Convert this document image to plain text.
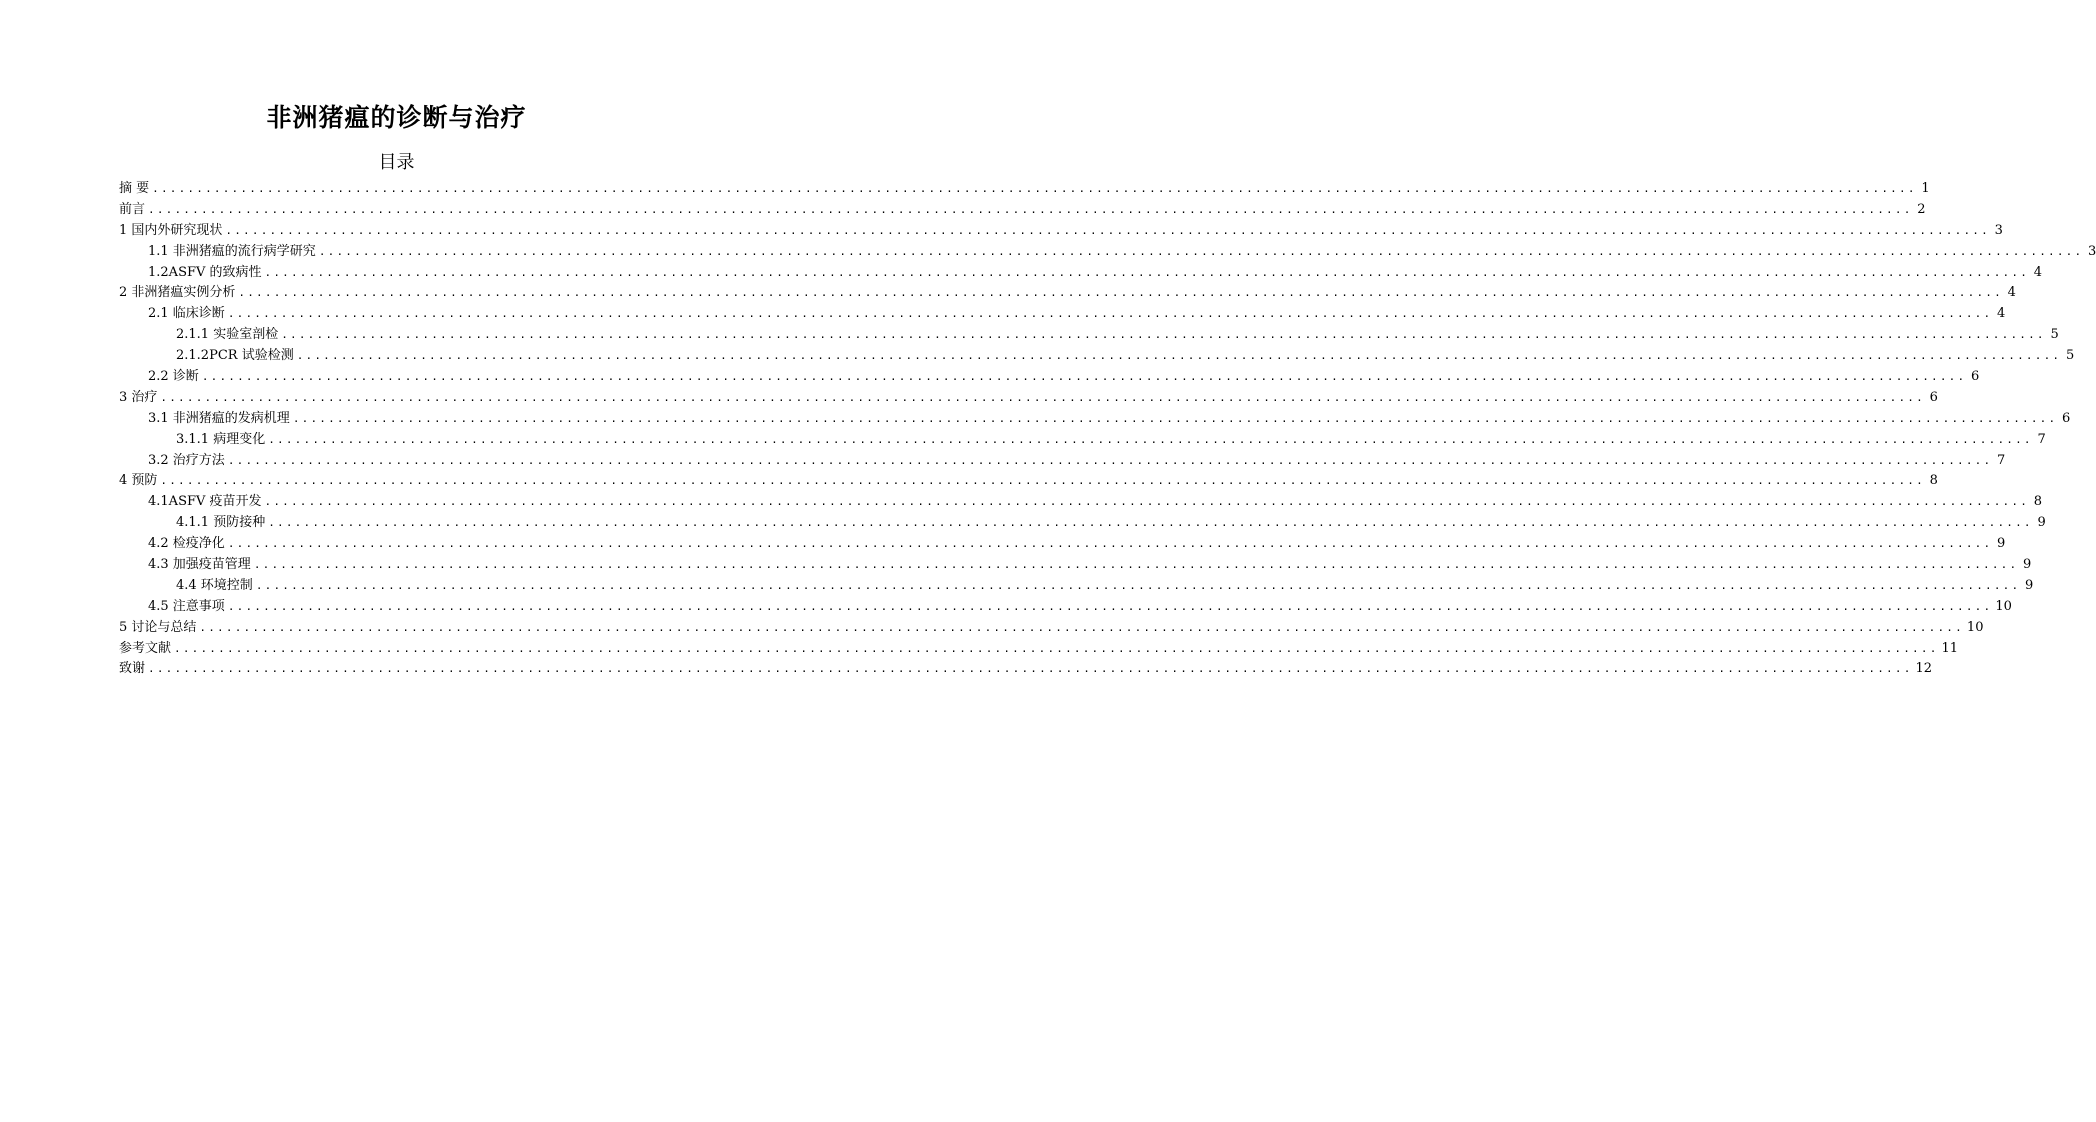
非洲猪瘟的诊断与治疗
目录
摘 要 ........................................................................................................................................................................................................ 1
前言 ........................................................................................................................................................................................................ 2
1 国内外研究现状 ........................................................................................................................................................................................................ 3
1.1 非洲猪瘟的流行病学研究 ........................................................................................................................................................................................................ 3
1.2ASFV 的致病性 ........................................................................................................................................................................................................ 4
2 非洲猪瘟实例分析 ........................................................................................................................................................................................................ 4
2.1 临床诊断 ........................................................................................................................................................................................................ 4
2.1.1 实验室剖检 ........................................................................................................................................................................................................ 5
2.1.2PCR 试验检测 ........................................................................................................................................................................................................ 5
2.2 诊断 ........................................................................................................................................................................................................ 6
3 治疗 ........................................................................................................................................................................................................ 6
3.1 非洲猪瘟的发病机理 ........................................................................................................................................................................................................ 6
3.1.1 病理变化 ........................................................................................................................................................................................................ 7
3.2 治疗方法 ........................................................................................................................................................................................................ 7
4 预防 ........................................................................................................................................................................................................ 8
4.1ASFV 疫苗开发 ........................................................................................................................................................................................................ 8
4.1.1 预防接种 ........................................................................................................................................................................................................ 9
4.2 检疫净化 ........................................................................................................................................................................................................ 9
4.3 加强疫苗管理 ........................................................................................................................................................................................................ 9
4.4 环境控制 ........................................................................................................................................................................................................ 9
4.5 注意事项 ........................................................................................................................................................................................................ 10
5 讨论与总结 ........................................................................................................................................................................................................ 10
参考文献 ........................................................................................................................................................................................................ 11
致谢 ........................................................................................................................................................................................................ 12
